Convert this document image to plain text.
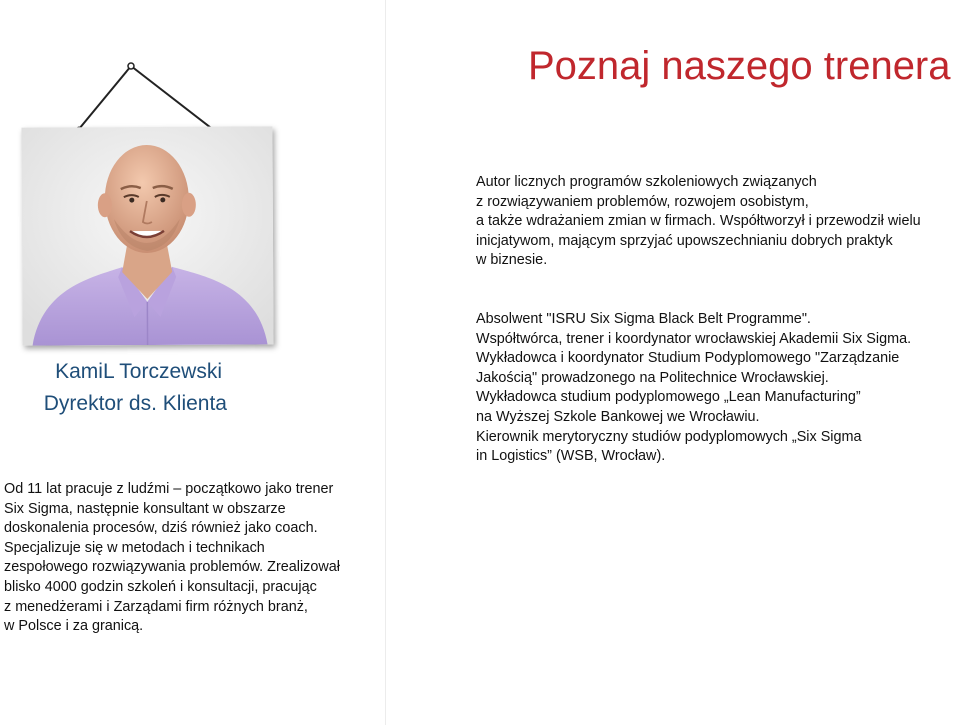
Poznaj naszego trenera
KamiL Torczewski
Dyrektor ds. Klienta
Autor licznych programów szkoleniowych związanych
z rozwiązywaniem problemów, rozwojem osobistym,
a także wdrażaniem zmian w firmach. Współtworzył i przewodził wielu
inicjatywom, mającym sprzyjać upowszechnianiu dobrych praktyk
w biznesie.
Absolwent "ISRU Six Sigma Black Belt Programme".
Współtwórca, trener i koordynator wrocławskiej Akademii Six Sigma.
Wykładowca i koordynator Studium Podyplomowego "Zarządzanie
Jakością" prowadzonego na Politechnice Wrocławskiej.
Wykładowca studium podyplomowego „Lean Manufacturing”
na Wyższej Szkole Bankowej we Wrocławiu.
Kierownik merytoryczny studiów podyplomowych „Six Sigma
in Logistics” (WSB, Wrocław).
Od 11 lat pracuje z ludźmi – początkowo jako trener
Six Sigma, następnie konsultant w obszarze
doskonalenia procesów, dziś również jako coach.
Specjalizuje się w metodach i technikach
zespołowego rozwiązywania problemów. Zrealizował
blisko 4000 godzin szkoleń i konsultacji, pracując
z menedżerami i Zarządami firm różnych branż,
w Polsce i za granicą.
